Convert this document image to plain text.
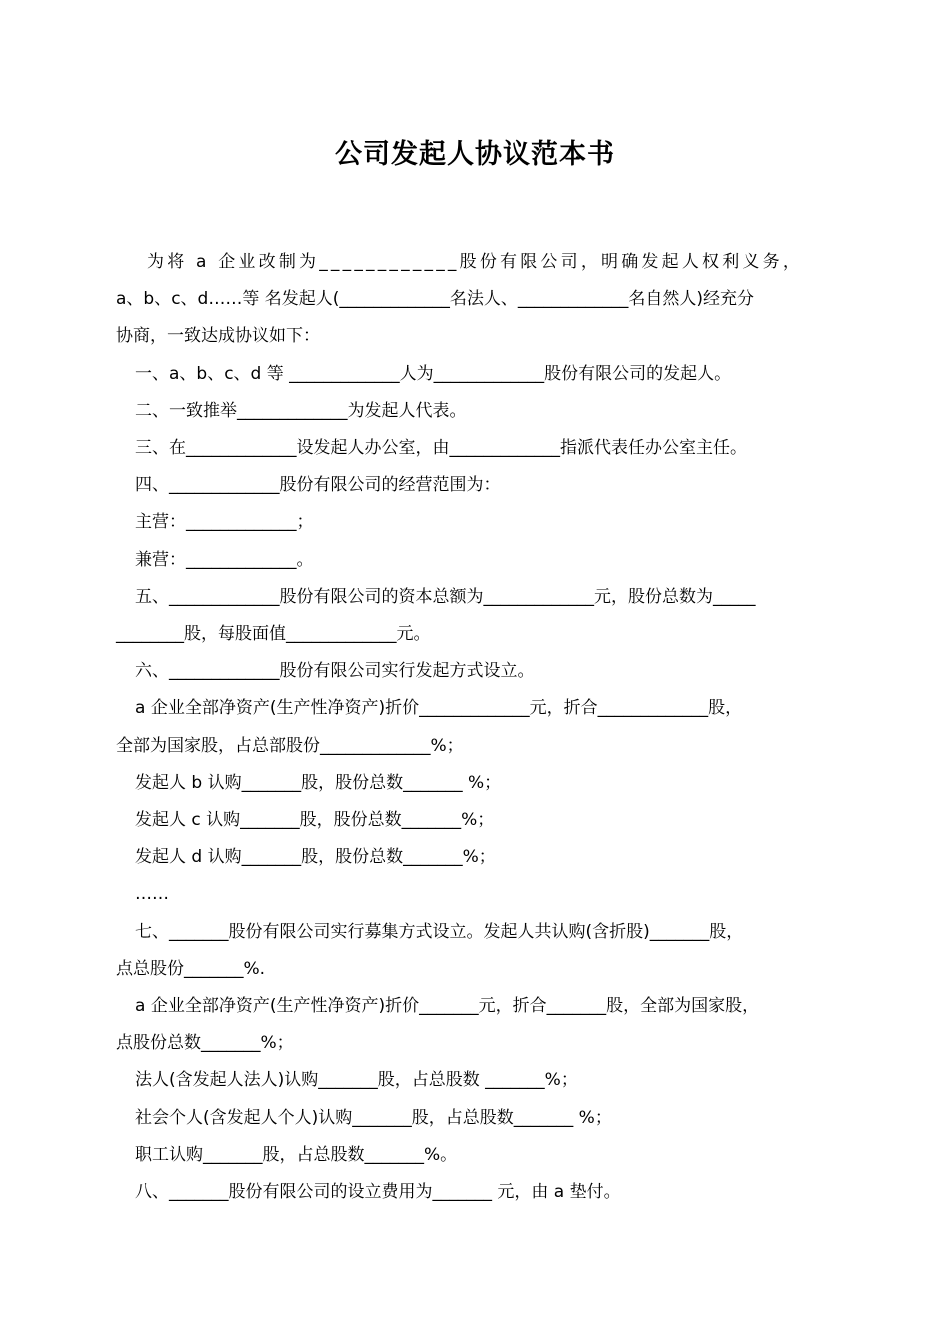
公司发起人协议范本书
为将 a 企业改制为____________股份有限公司，明确发起人权利义务，
a、b、c、d……等 名发起人(_____________名法人、_____________名自然人)经充分
协商，一致达成协议如下：
一、a、b、c、d 等 _____________人为_____________股份有限公司的发起人。
二、一致推举_____________为发起人代表。
三、在_____________设发起人办公室，由_____________指派代表任办公室主任。
四、_____________股份有限公司的经营范围为：
主营：_____________；
兼营：_____________。
五、_____________股份有限公司的资本总额为_____________元，股份总数为_____
________股，每股面值_____________元。
六、_____________股份有限公司实行发起方式设立。
a 企业全部净资产(生产性净资产)折价_____________元，折合_____________股，
全部为国家股，占总部股份_____________%；
发起人 b 认购_______股，股份总数_______ %；
发起人 c 认购_______股，股份总数_______%；
发起人 d 认购_______股，股份总数_______%；
……
七、_______股份有限公司实行募集方式设立。发起人共认购(含折股)_______股，
点总股份_______%.
a 企业全部净资产(生产性净资产)折价_______元，折合_______股，全部为国家股，
点股份总数_______%；
法人(含发起人法人)认购_______股，占总股数 _______%；
社会个人(含发起人个人)认购_______股，占总股数_______ %；
职工认购_______股，占总股数_______%。
八、_______股份有限公司的设立费用为_______ 元，由 a 垫付。
